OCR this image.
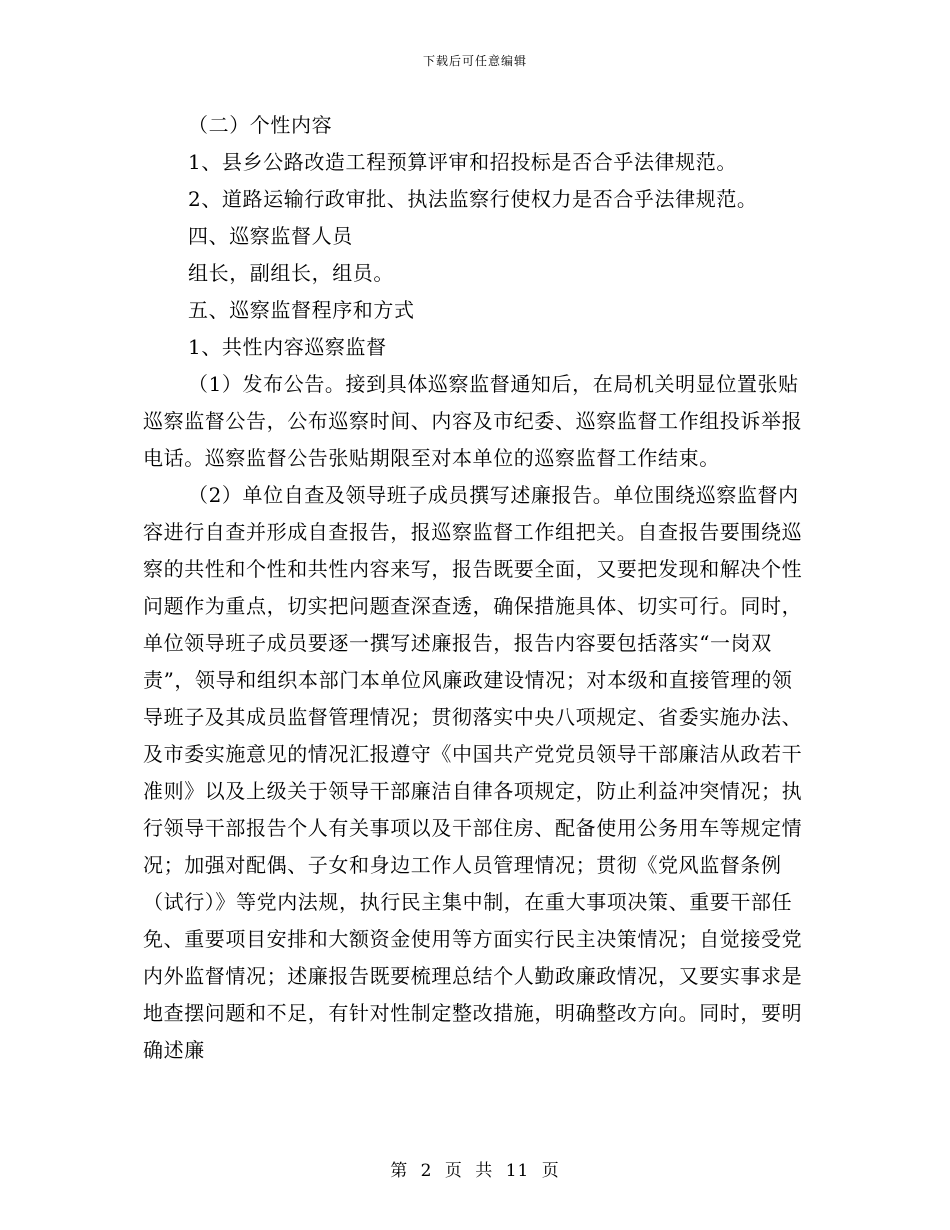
下载后可任意编辑

（二）个性内容

1、县乡公路改造工程预算评审和招投标是否合乎法律规范。

2、道路运输行政审批、执法监察行使权力是否合乎法律规范。

四、巡察监督人员

组长，副组长，组员。

五、巡察监督程序和方式

1、共性内容巡察监督

（1）发布公告。接到具体巡察监督通知后，在局机关明显位置张贴巡察监督公告，公布巡察时间、内容及市纪委、巡察监督工作组投诉举报电话。巡察监督公告张贴期限至对本单位的巡察监督工作结束。

（2）单位自查及领导班子成员撰写述廉报告。单位围绕巡察监督内容进行自查并形成自查报告，报巡察监督工作组把关。自查报告要围绕巡察的共性和个性和共性内容来写，报告既要全面，又要把发现和解决个性问题作为重点，切实把问题查深查透，确保措施具体、切实可行。同时，单位领导班子成员要逐一撰写述廉报告，报告内容要包括落实“一岗双责”，领导和组织本部门本单位风廉政建设情况；对本级和直接管理的领导班子及其成员监督管理情况；贯彻落实中央八项规定、省委实施办法、及市委实施意见的情况汇报遵守《中国共产党党员领导干部廉洁从政若干准则》以及上级关于领导干部廉洁自律各项规定，防止利益冲突情况；执行领导干部报告个人有关事项以及干部住房、配备使用公务用车等规定情况；加强对配偶、子女和身边工作人员管理情况；贯彻《党风监督条例（试行）》等党内法规，执行民主集中制，在重大事项决策、重要干部任免、重要项目安排和大额资金使用等方面实行民主决策情况；自觉接受党内外监督情况；述廉报告既要梳理总结个人勤政廉政情况，又要实事求是地查摆问题和不足，有针对性制定整改措施，明确整改方向。同时，要明确述廉

第 2 页 共 11 页
